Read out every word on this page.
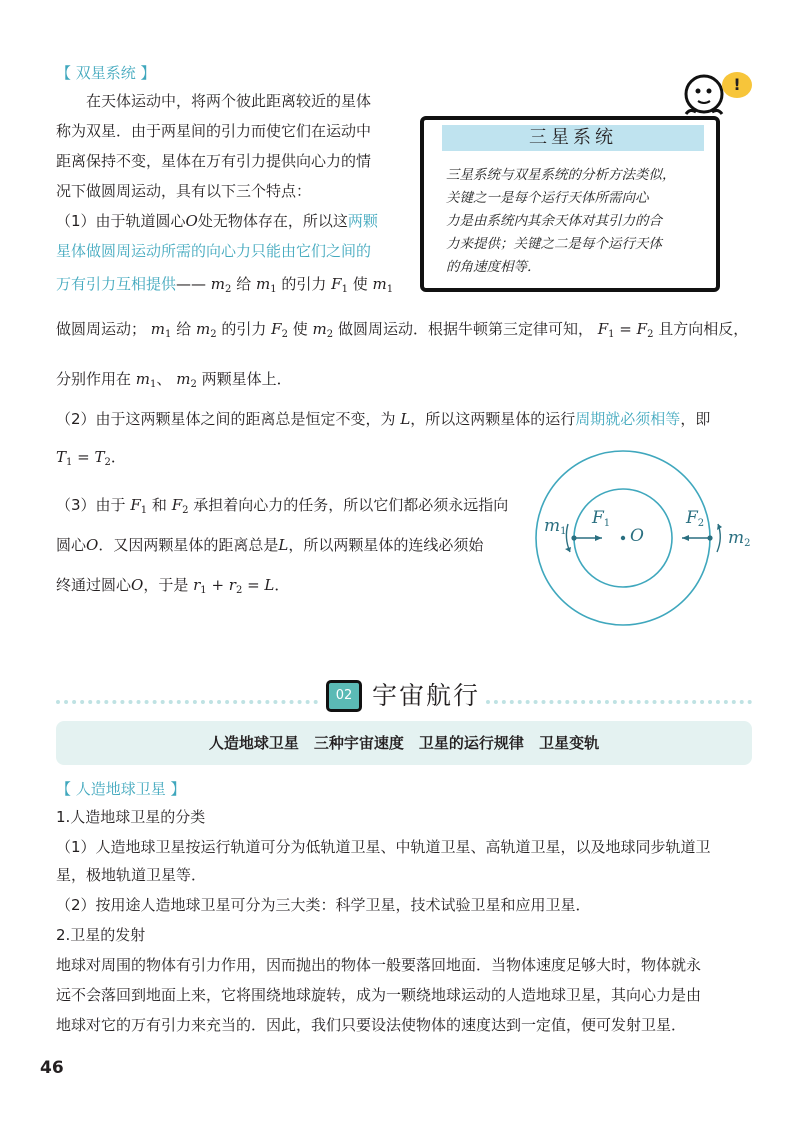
【 双星系统 】
在天体运动中，将两个彼此距离较近的星体
称为双星．由于两星间的引力而使它们在运动中
距离保持不变，星体在万有引力提供向心力的情
况下做圆周运动，具有以下三个特点：
（1）由于轨道圆心O处无物体存在，所以这两颗
星体做圆周运动所需的向心力只能由它们之间的
万有引力互相提供—— $m_2$ 给 $m_1$ 的引力 $F_1$ 使 $m_1$
做圆周运动； $m_1$ 给 $m_2$ 的引力 $F_2$ 使 $m_2$ 做圆周运动．根据牛顿第三定律可知， $F_1 = F_2$ 且方向相反，
分别作用在 $m_1$、 $m_2$ 两颗星体上．
（2）由于这两颗星体之间的距离总是恒定不变，为 L，所以这两颗星体的运行周期就必须相等，即
$T_1 = T_2$．
（3）由于 $F_1$ 和 $F_2$ 承担着向心力的任务，所以它们都必须永远指向
圆心O．又因两颗星体的距离总是L，所以两颗星体的连线必须始
终通过圆心O，于是 $r_1 + r_2 = L$．
!
三星系统
三星系统与双星系统的分析方法类似，
关键之一是每个运行天体所需向心
力是由系统内其余天体对其引力的合
力来提供；关键之二是每个运行天体
的角速度相等．
$m_1$
$F_1$
O
$F_2$
$m_2$
02 宇宙航行
人造地球卫星　三种宇宙速度　卫星的运行规律 卫星变轨
【 人造地球卫星 】
1.人造地球卫星的分类
（1）人造地球卫星按运行轨道可分为低轨道卫星、中轨道卫星、高轨道卫星，以及地球同步轨道卫
星，极地轨道卫星等．
（2）按用途人造地球卫星可分为三大类：科学卫星，技术试验卫星和应用卫星．
2.卫星的发射
地球对周围的物体有引力作用，因而抛出的物体一般要落回地面．当物体速度足够大时，物体就永
远不会落回到地面上来，它将围绕地球旋转，成为一颗绕地球运动的人造地球卫星，其向心力是由
地球对它的万有引力来充当的．因此，我们只要设法使物体的速度达到一定值，便可发射卫星．
46
